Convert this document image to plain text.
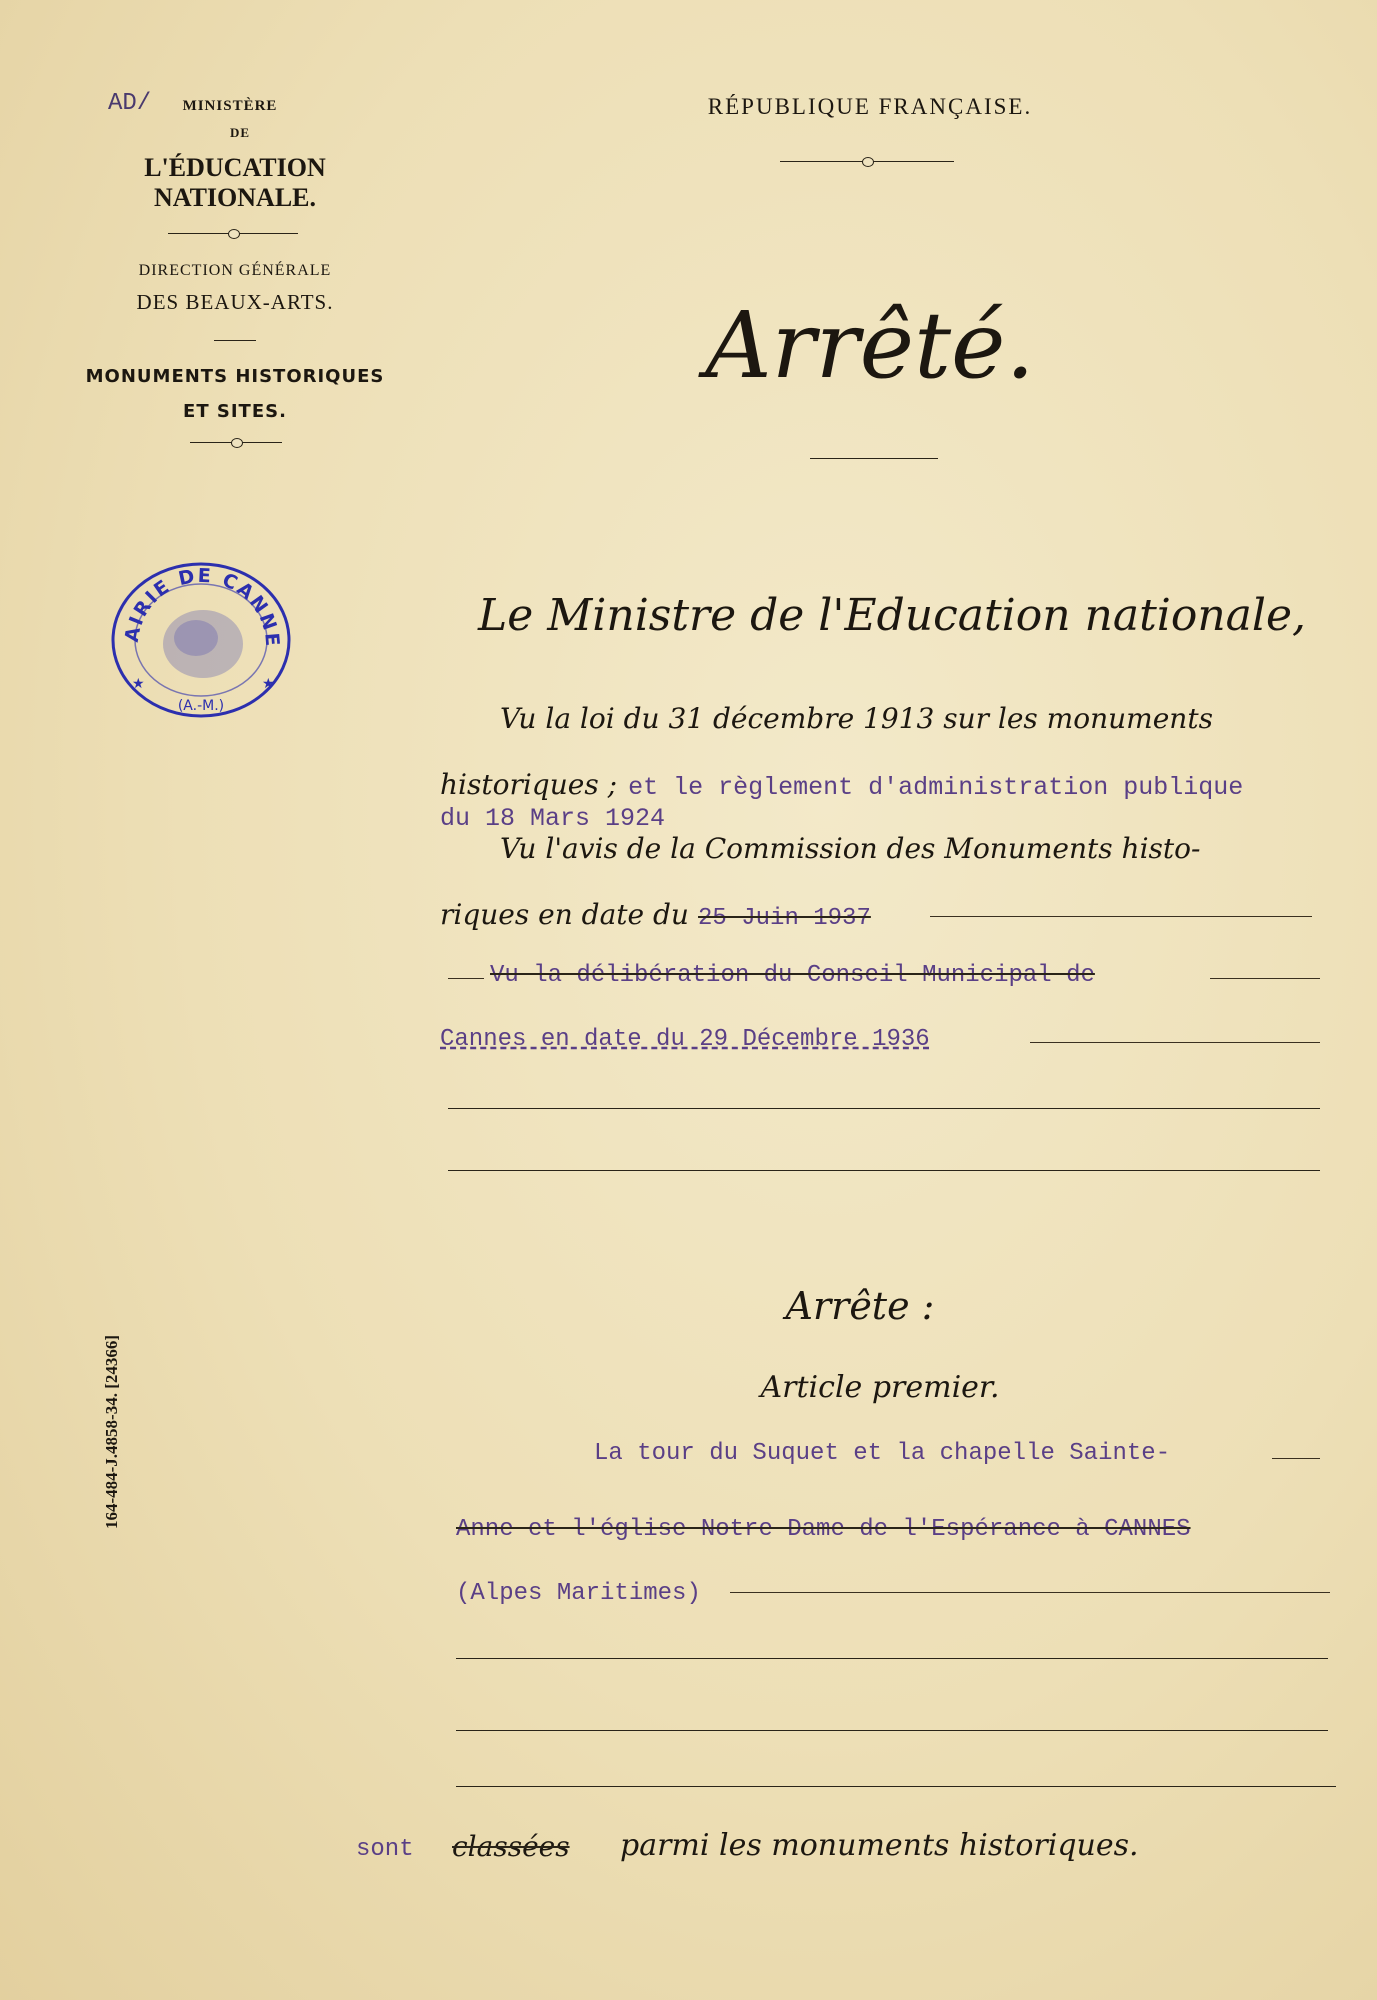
AD/	MINISTÈRE
DE
L'ÉDUCATION NATIONALE.
DIRECTION GÉNÉRALE
DES BEAUX-ARTS.
MONUMENTS HISTORIQUES
ET SITES.
RÉPUBLIQUE FRANÇAISE.
Arrêté.
AIRIE DE CANNE
(A.-M.)
★	★
Le Ministre de l'Education nationale,
Vu la loi du 31 décembre 1913 sur les monuments
historiques ; et le règlement d'administration publique
du 18 Mars 1924
Vu l'avis de la Commission des Monuments histo-
riques en date du 25 Juin 1937
Vu la délibération du Conseil Municipal de
Cannes en date du 29 Décembre 1936
Arrête :
Article premier.
La tour du Suquet et la chapelle Sainte-
Anne et l'église Notre Dame de l'Espérance à CANNES
(Alpes Maritimes)
sont classées parmi les monuments historiques.
164-484-J.4858-34. [24366]
